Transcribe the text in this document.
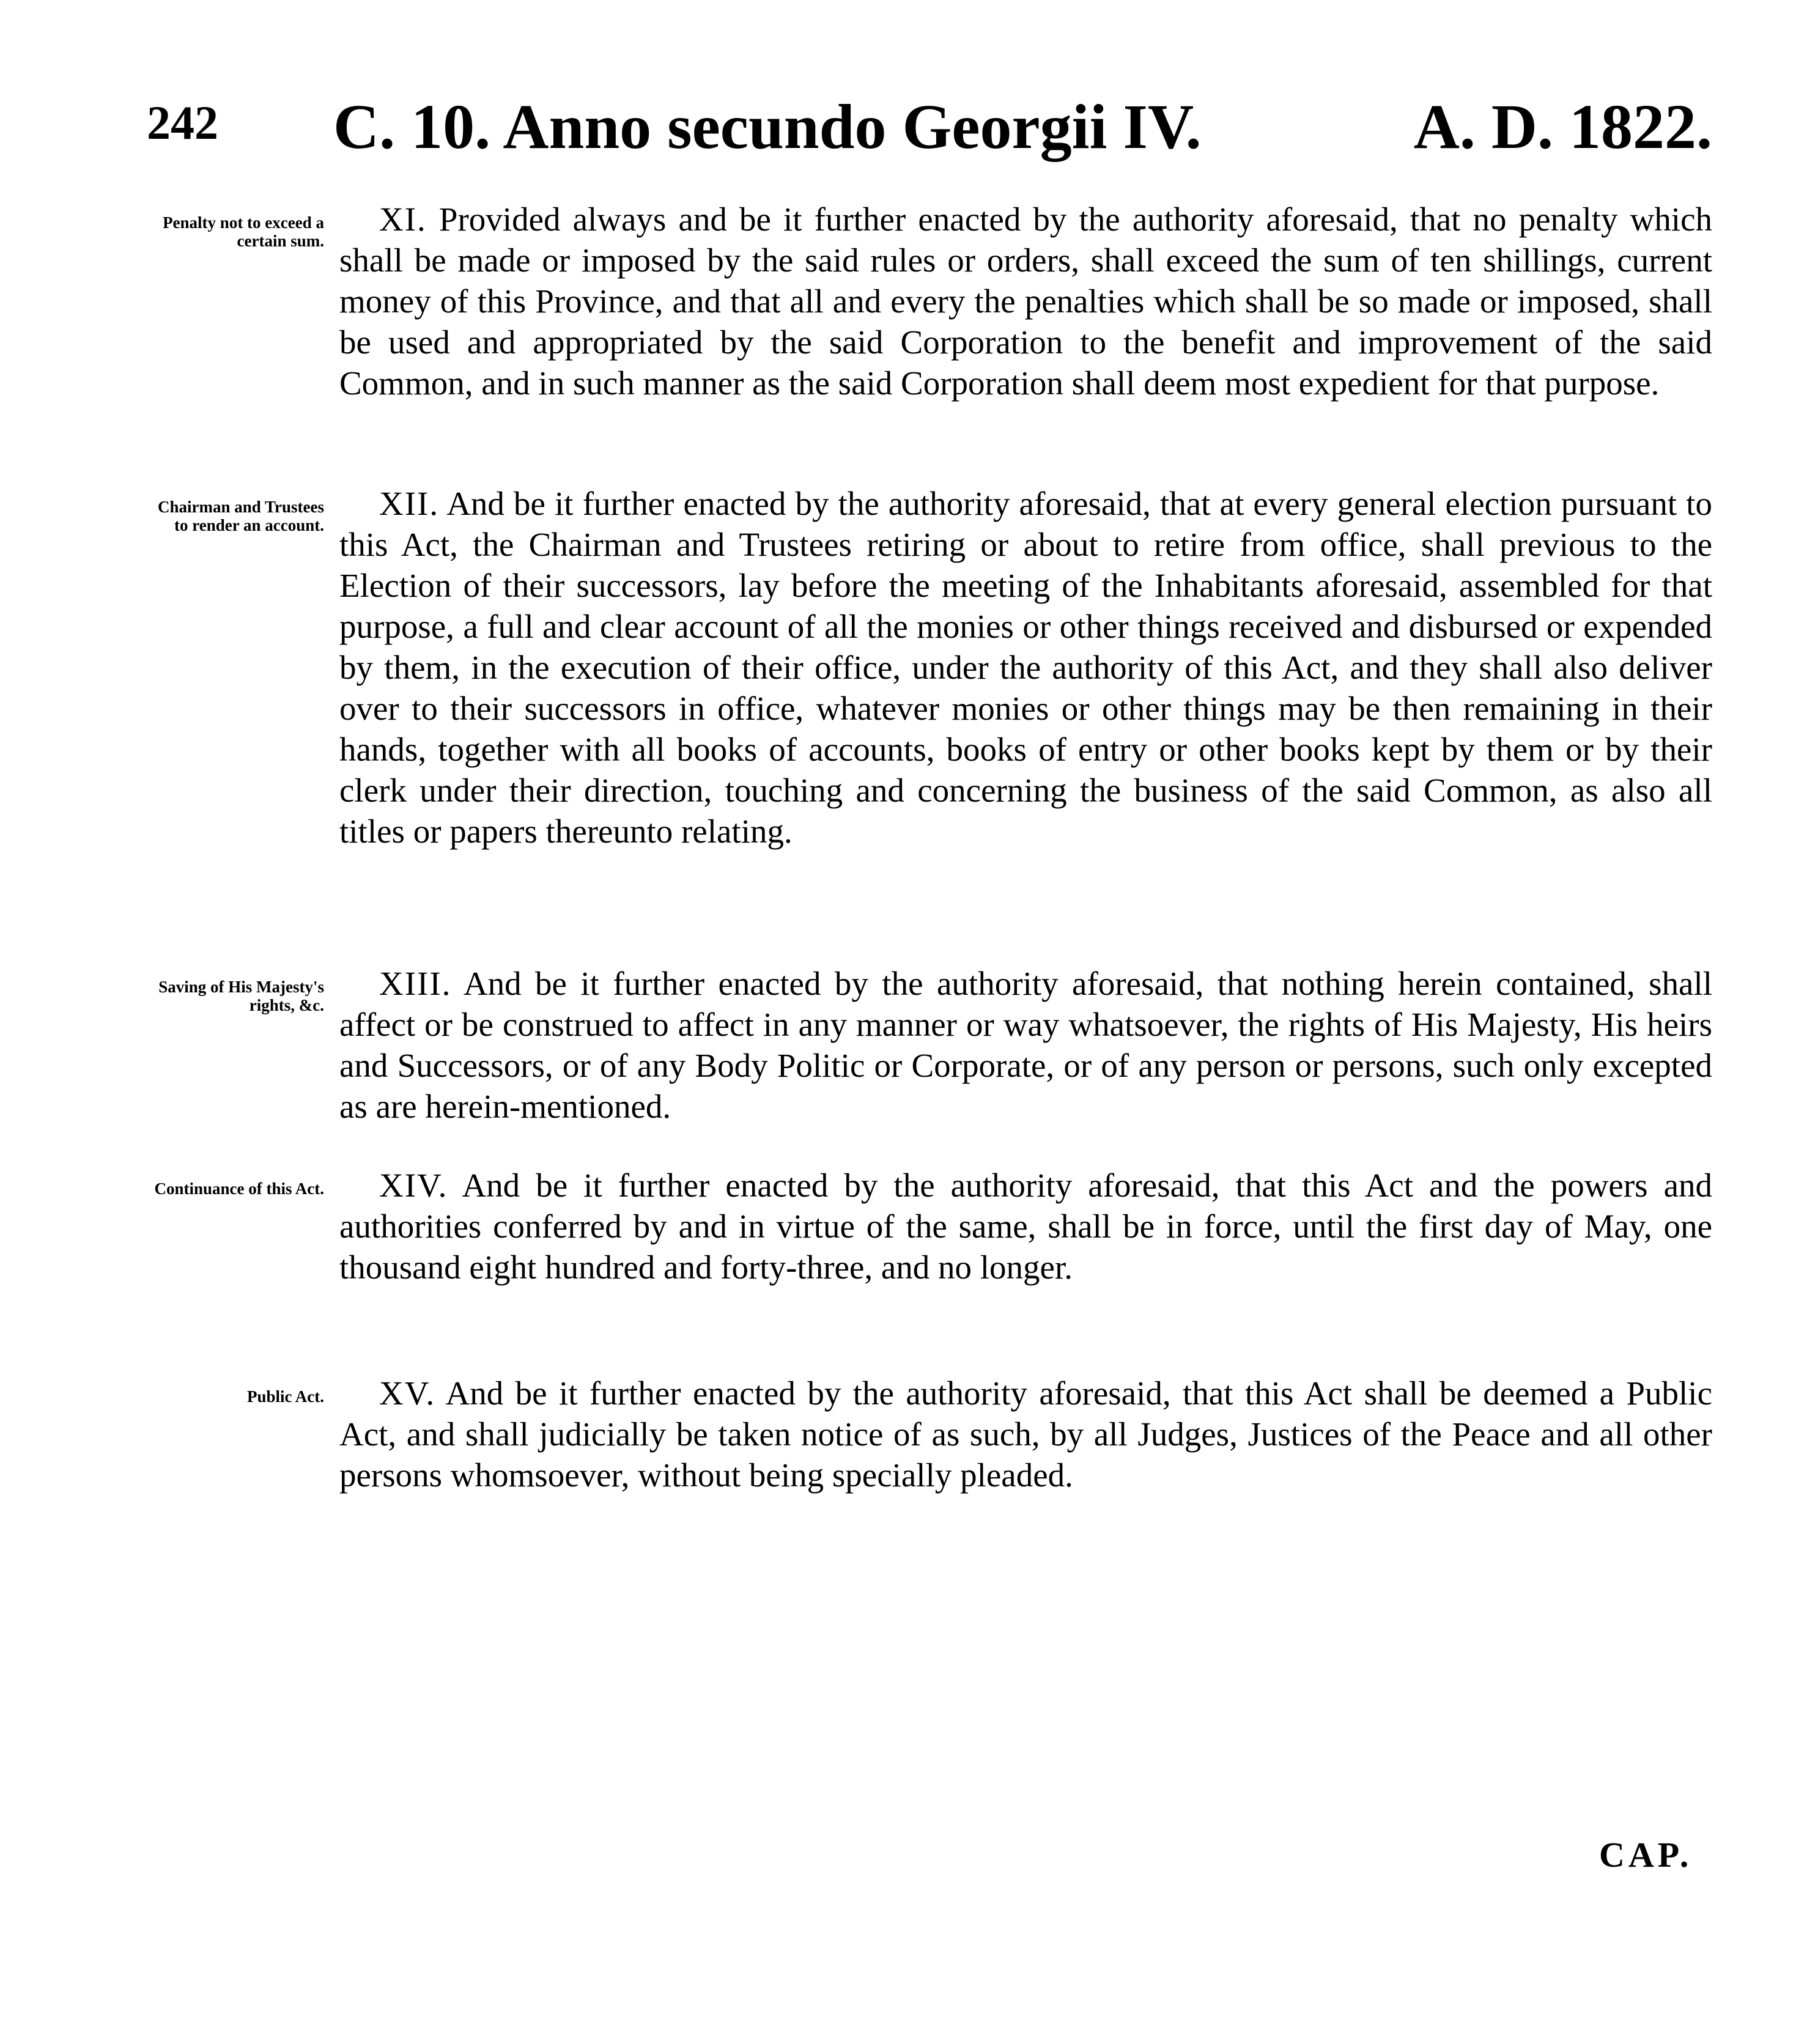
242 C. 10. Anno secundo Georgii IV.	A. D. 1822.
Penalty not to exceed a certain sum.

XI. Provided always and be it further enacted by the authority aforesaid, that no penalty which shall be made or imposed by the said rules or orders, shall exceed the sum of ten shillings, current money of this Province, and that all and every the penalties which shall be so made or imposed, shall be used and appropriated by the said Corporation to the benefit and improvement of the said Common, and in such manner as the said Corporation shall deem most expedient for that purpose.

Chairman and Trustees to render an account.

XII. And be it further enacted by the authority aforesaid, that at every general election pursuant to this Act, the Chairman and Trustees retiring or about to retire from office, shall previous to the Election of their successors, lay before the meeting of the Inhabitants aforesaid, assembled for that purpose, a full and clear account of all the monies or other things received and disbursed or expended by them, in the execution of their office, under the authority of this Act, and they shall also deliver over to their successors in office, whatever monies or other things may be then remaining in their hands, together with all books of accounts, books of entry or other books kept by them or by their clerk under their direction, touching and concerning the business of the said Common, as also all titles or papers thereunto relating.

Saving of His Majesty's rights, &c.

XIII. And be it further enacted by the authority aforesaid, that nothing herein contained, shall affect or be construed to affect in any manner or way whatsoever, the rights of His Majesty, His heirs and Successors, or of any Body Politic or Corporate, or of any person or persons, such only excepted as are herein-mentioned.

Continuance of this Act.	XIV. And be it further enacted by the authority aforesaid, that this Act and the powers and authorities conferred by and in virtue of the same, shall be in force, until the first day of May, one thousand eight hundred and forty-three, and no longer.

Public Act.	XV. And be it further enacted by the authority aforesaid, that this Act shall be deemed a Public Act, and shall judicially be taken notice of as such, by all Judges, Justices of the Peace and all other persons whomsoever, without being specially pleaded.

CAP.
